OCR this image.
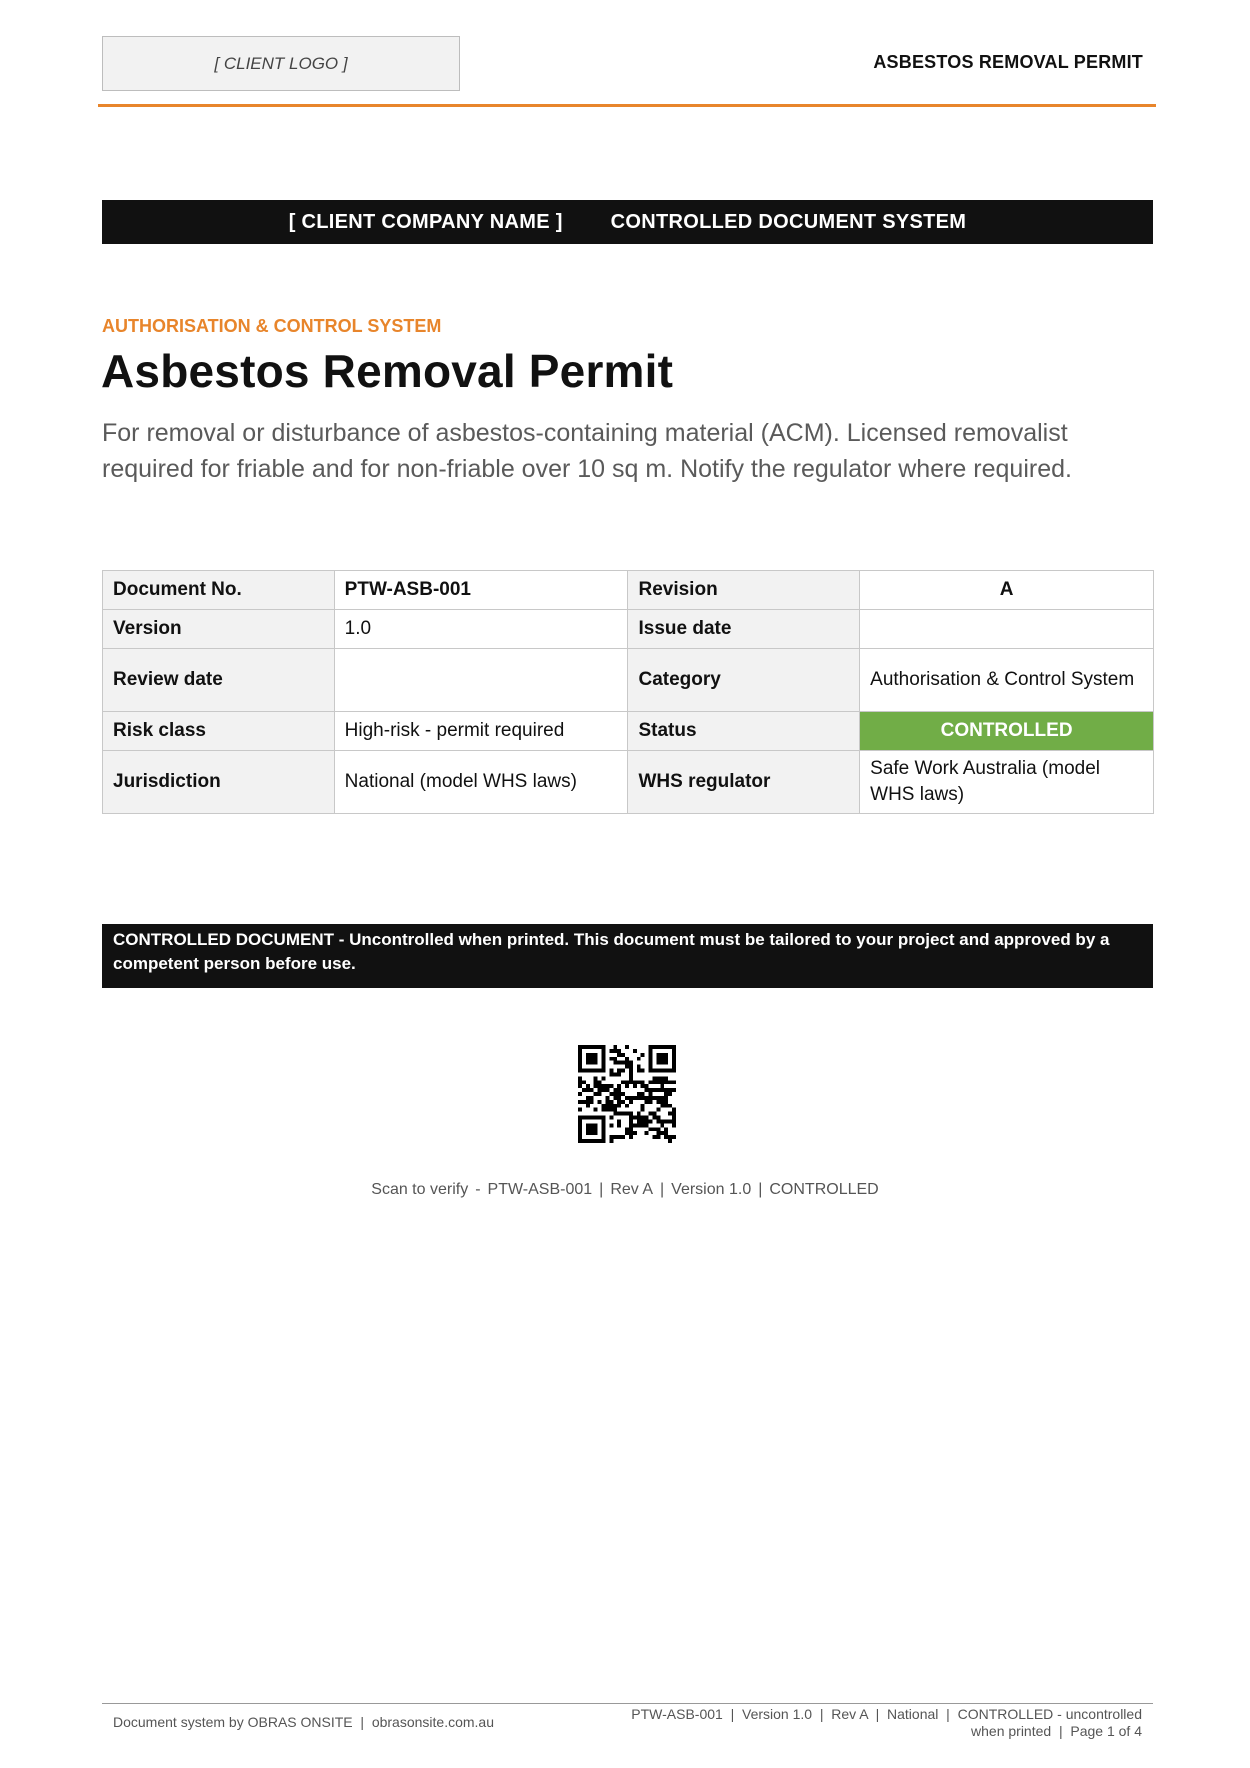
[ CLIENT LOGO ]	ASBESTOS REMOVAL PERMIT
[ CLIENT COMPANY NAME ] CONTROLLED DOCUMENT SYSTEM
AUTHORISATION & CONTROL SYSTEM
Asbestos Removal Permit
For removal or disturbance of asbestos-containing material (ACM). Licensed removalist required for friable and for non-friable over 10 sq m. Notify the regulator where required.
Document No.	PTW-ASB-001	Revision	A
Version	1.0	Issue date	
Review date		Category	Authorisation & Control System
Risk class	High-risk - permit required	Status	CONTROLLED
Jurisdiction	National (model WHS laws)	WHS regulator	Safe Work Australia (model WHS laws)
CONTROLLED DOCUMENT - Uncontrolled when printed. This document must be tailored to your project and approved by a competent person before use.
Scan to verify - PTW-ASB-001 | Rev A | Version 1.0 | CONTROLLED
Document system by OBRAS ONSITE  |  obrasonsite.com.au	PTW-ASB-001  |  Version 1.0  |  Rev A  |  National  |  CONTROLLED - uncontrolled
when printed  |  Page 1 of 4
